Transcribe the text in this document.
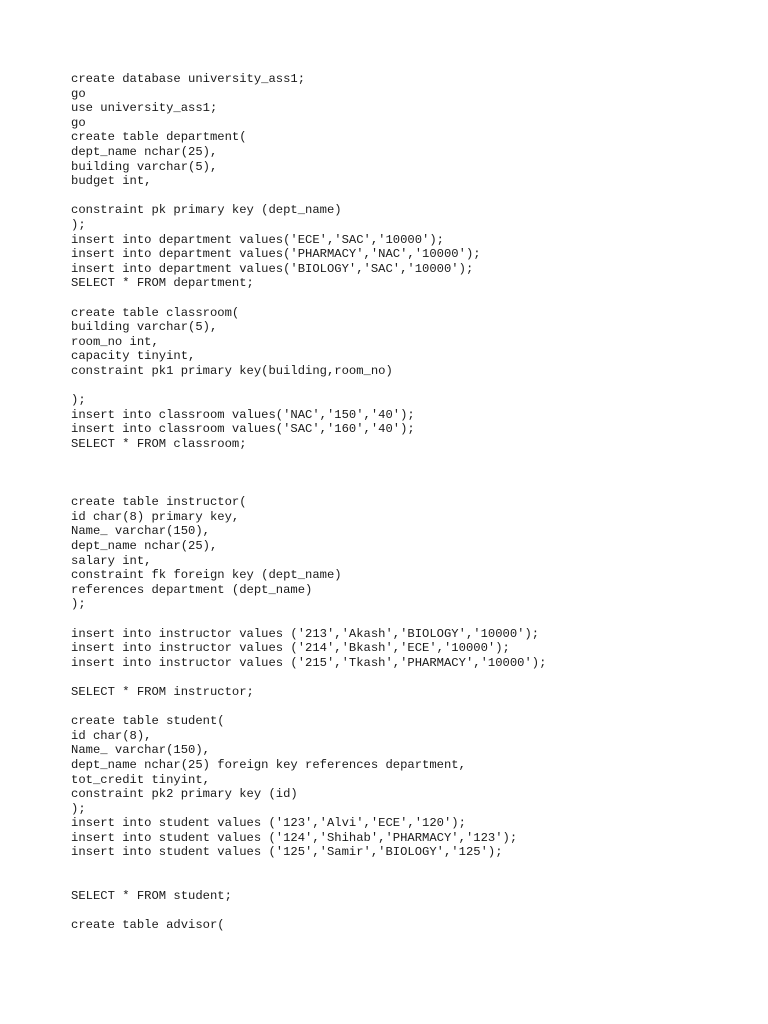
create database university_ass1;
go
use university_ass1;
go
create table department(
dept_name nchar(25),
building varchar(5),
budget int,
constraint pk primary key (dept_name)
);
insert into department values('ECE','SAC','10000');
insert into department values('PHARMACY','NAC','10000');
insert into department values('BIOLOGY','SAC','10000');
SELECT * FROM department;
create table classroom(
building varchar(5),
room_no int,
capacity tinyint,
constraint pk1 primary key(building,room_no)
);
insert into classroom values('NAC','150','40');
insert into classroom values('SAC','160','40');
SELECT * FROM classroom;
create table instructor(
id char(8) primary key,
Name_ varchar(150),
dept_name nchar(25),
salary int,
constraint fk foreign key (dept_name)
references department (dept_name)
);
insert into instructor values ('213','Akash','BIOLOGY','10000');
insert into instructor values ('214','Bkash','ECE','10000');
insert into instructor values ('215','Tkash','PHARMACY','10000');
SELECT * FROM instructor;
create table student(
id char(8),
Name_ varchar(150),
dept_name nchar(25) foreign key references department,
tot_credit tinyint,
constraint pk2 primary key (id)
);
insert into student values ('123','Alvi','ECE','120');
insert into student values ('124','Shihab','PHARMACY','123');
insert into student values ('125','Samir','BIOLOGY','125');
SELECT * FROM student;
create table advisor(
